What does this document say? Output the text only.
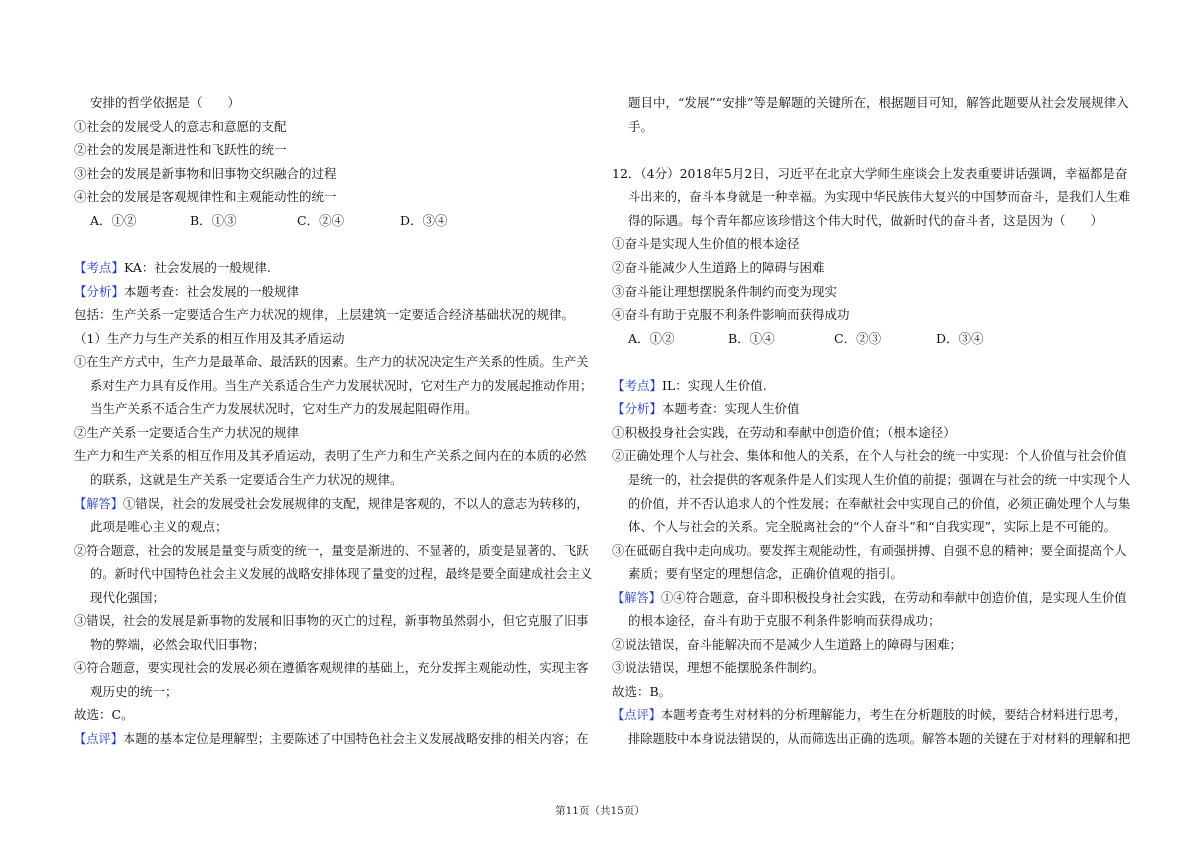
安排的哲学依据是（　　）
①社会的发展受人的意志和意愿的支配
②社会的发展是渐进性和飞跃性的统一
③社会的发展是新事物和旧事物交织融合的过程
④社会的发展是客观规律性和主观能动性的统一
A．①②	B．①③	C．②④	D．③④
【考点】KA：社会发展的一般规律.
【分析】本题考查：社会发展的一般规律
包括：生产关系一定要适合生产力状况的规律，上层建筑一定要适合经济基础状况的规律。
（1）生产力与生产关系的相互作用及其矛盾运动
①在生产方式中，生产力是最革命、最活跃的因素。生产力的状况决定生产关系的性质。生产关
系对生产力具有反作用。当生产关系适合生产力发展状况时，它对生产力的发展起推动作用；
当生产关系不适合生产力发展状况时，它对生产力的发展起阻碍作用。
②生产关系一定要适合生产力状况的规律
生产力和生产关系的相互作用及其矛盾运动，表明了生产力和生产关系之间内在的本质的必然
的联系，这就是生产关系一定要适合生产力状况的规律。
【解答】①错误，社会的发展受社会发展规律的支配，规律是客观的，不以人的意志为转移的，
此项是唯心主义的观点；
②符合题意，社会的发展是量变与质变的统一，量变是渐进的、不显著的，质变是显著的、飞跃
的。新时代中国特色社会主义发展的战略安排体现了量变的过程，最终是要全面建成社会主义
现代化强国；
③错误，社会的发展是新事物的发展和旧事物的灭亡的过程，新事物虽然弱小，但它克服了旧事
物的弊端，必然会取代旧事物；
④符合题意，要实现社会的发展必须在遵循客观规律的基础上，充分发挥主观能动性，实现主客
观历史的统一；
故选：C。
【点评】本题的基本定位是理解型；主要陈述了中国特色社会主义发展战略安排的相关内容；在
题目中，“发展”“安排”等是解题的关键所在，根据题目可知，解答此题要从社会发展规律入
手。
12．（4分）2018年5月2日，习近平在北京大学师生座谈会上发表重要讲话强调，幸福都是奋
斗出来的，奋斗本身就是一种幸福。为实现中华民族伟大复兴的中国梦而奋斗，是我们人生难
得的际遇。每个青年都应该珍惜这个伟大时代，做新时代的奋斗者，这是因为（　　）
①奋斗是实现人生价值的根本途径
②奋斗能减少人生道路上的障碍与困难
③奋斗能让理想摆脱条件制约而变为现实
④奋斗有助于克服不利条件影响而获得成功
A．①②	B．①④	C．②③	D．③④
【考点】IL：实现人生价值.
【分析】本题考查：实现人生价值
①积极投身社会实践，在劳动和奉献中创造价值；（根本途径）
②正确处理个人与社会、集体和他人的关系，在个人与社会的统一中实现：个人价值与社会价值
是统一的，社会提供的客观条件是人们实现人生价值的前提；强调在与社会的统一中实现个人
的价值，并不否认追求人的个性发展；在奉献社会中实现自己的价值，必须正确处理个人与集
体、个人与社会的关系。完全脱离社会的“个人奋斗”和“自我实现”，实际上是不可能的。
③在砥砺自我中走向成功。要发挥主观能动性，有顽强拼搏、自强不息的精神；要全面提高个人
素质；要有坚定的理想信念，正确价值观的指引。
【解答】①④符合题意，奋斗即积极投身社会实践，在劳动和奉献中创造价值，是实现人生价值
的根本途径，奋斗有助于克服不利条件影响而获得成功；
②说法错误，奋斗能解决而不是减少人生道路上的障碍与困难；
③说法错误，理想不能摆脱条件制约。
故选：B。
【点评】本题考查考生对材料的分析理解能力，考生在分析题肢的时候，要结合材料进行思考，
排除题肢中本身说法错误的，从而筛选出正确的选项。解答本题的关键在于对材料的理解和把
第11页（共15页）
